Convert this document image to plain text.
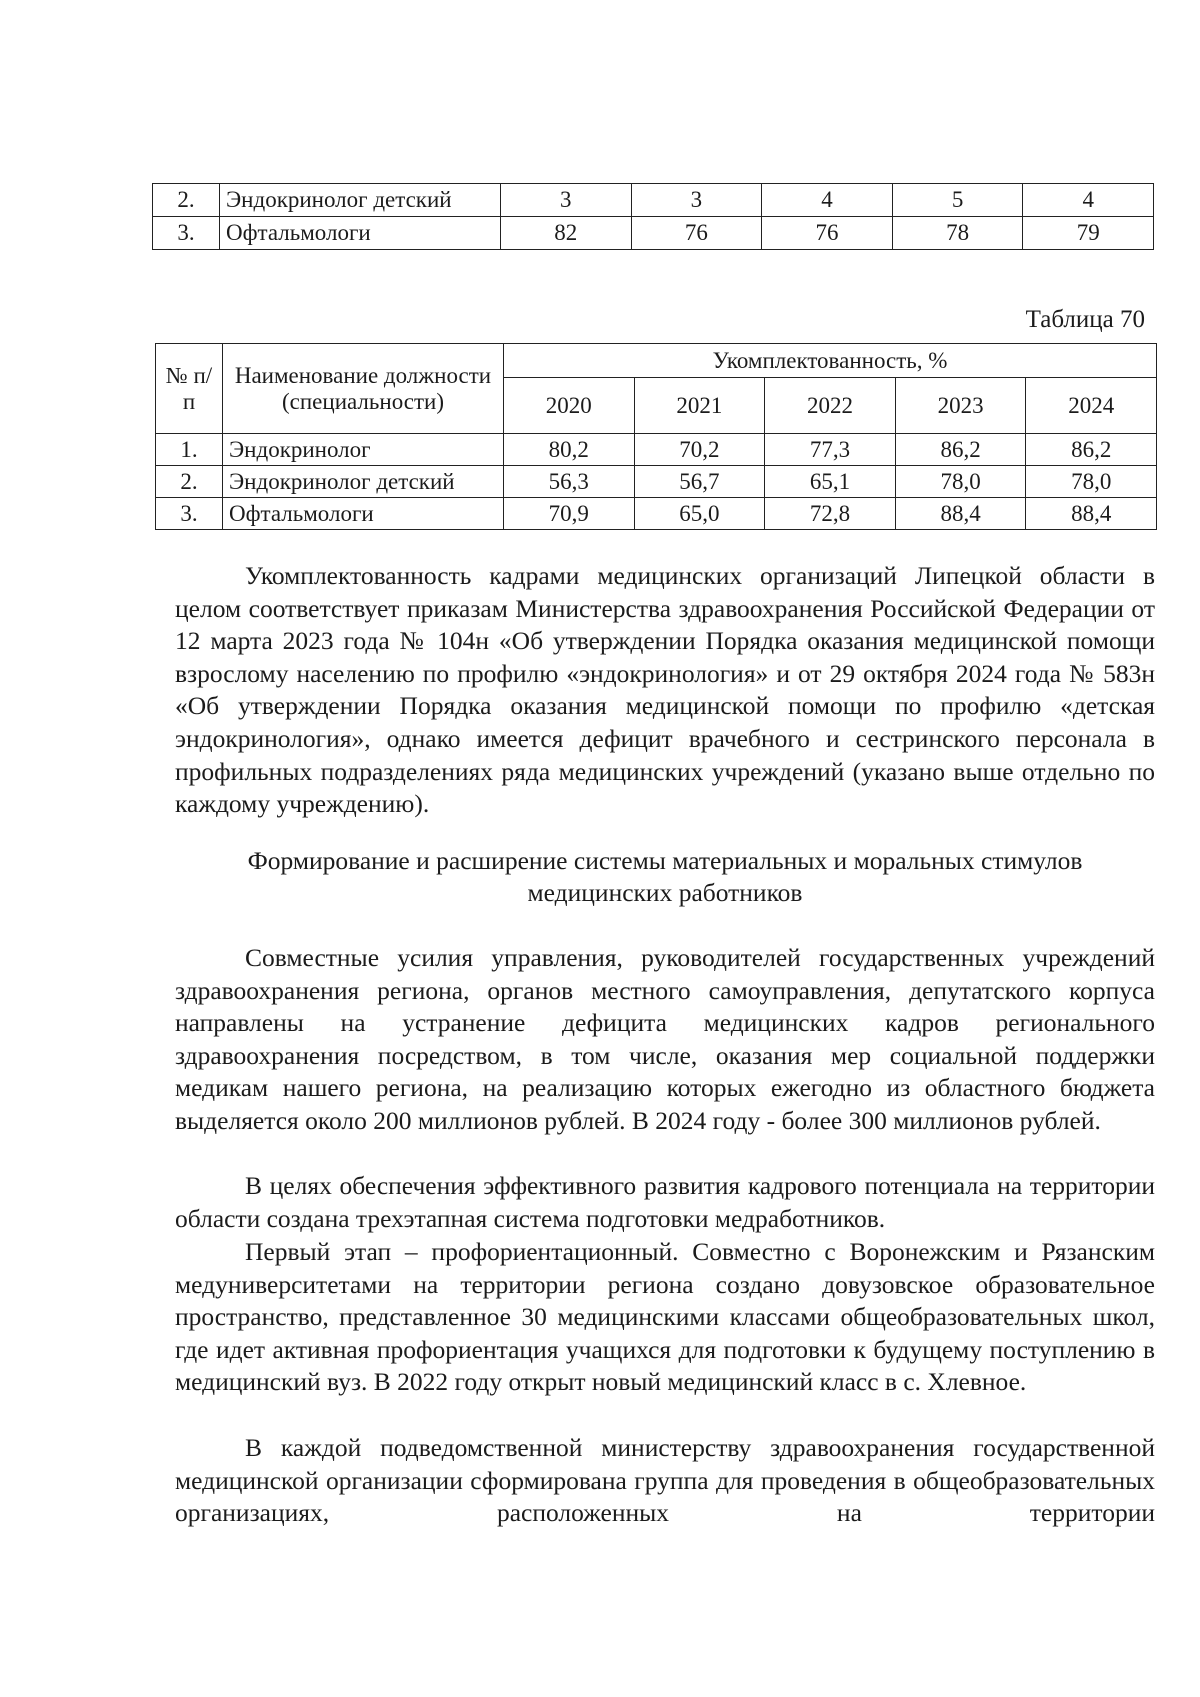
2.	Эндокринолог детский	3	3	4	5	4
3.	Офтальмологи	82	76	76	78	79
Таблица 70
№ п/п	Наименование должности (специальности)	Укомплектованность, %				
		2020	2021	2022	2023	2024
1.	Эндокринолог	80,2	70,2	77,3	86,2	86,2
2.	Эндокринолог детский	56,3	56,7	65,1	78,0	78,0
3.	Офтальмологи	70,9	65,0	72,8	88,4	88,4

Укомплектованность кадрами медицинских организаций Липецкой области в целом соответствует приказам Министерства здравоохранения Российской Федерации от 12 марта 2023 года № 104н «Об утверждении Порядка оказания медицинской помощи взрослому населению по профилю «эндокринология» и от 29 октября 2024 года № 583н «Об утверждении Порядка оказания медицинской помощи по профилю «детская эндокринология», однако имеется дефицит врачебного и сестринского персонала в профильных подразделениях ряда медицинских учреждений (указано выше отдельно по каждому учреждению).

Формирование и расширение системы материальных и моральных стимулов медицинских работников

Совместные усилия управления, руководителей государственных учреждений здравоохранения региона, органов местного самоуправления, депутатского корпуса направлены на устранение дефицита медицинских кадров регионального здравоохранения посредством, в том числе, оказания мер социальной поддержки медикам нашего региона, на реализацию которых ежегодно из областного бюджета выделяется около 200 миллионов рублей. В 2024 году - более 300 миллионов рублей.

В целях обеспечения эффективного развития кадрового потенциала на территории области создана трехэтапная система подготовки медработников.

Первый этап – профориентационный. Совместно с Воронежским и Рязанским медуниверситетами на территории региона создано довузовское образовательное пространство, представленное 30 медицинскими классами общеобразовательных школ, где идет активная профориентация учащихся для подготовки к будущему поступлению в медицинский вуз. В 2022 году открыт новый медицинский класс в с. Хлевное.

В каждой подведомственной министерству здравоохранения государственной медицинской организации сформирована группа для проведения в общеобразовательных организациях, расположенных на территории
